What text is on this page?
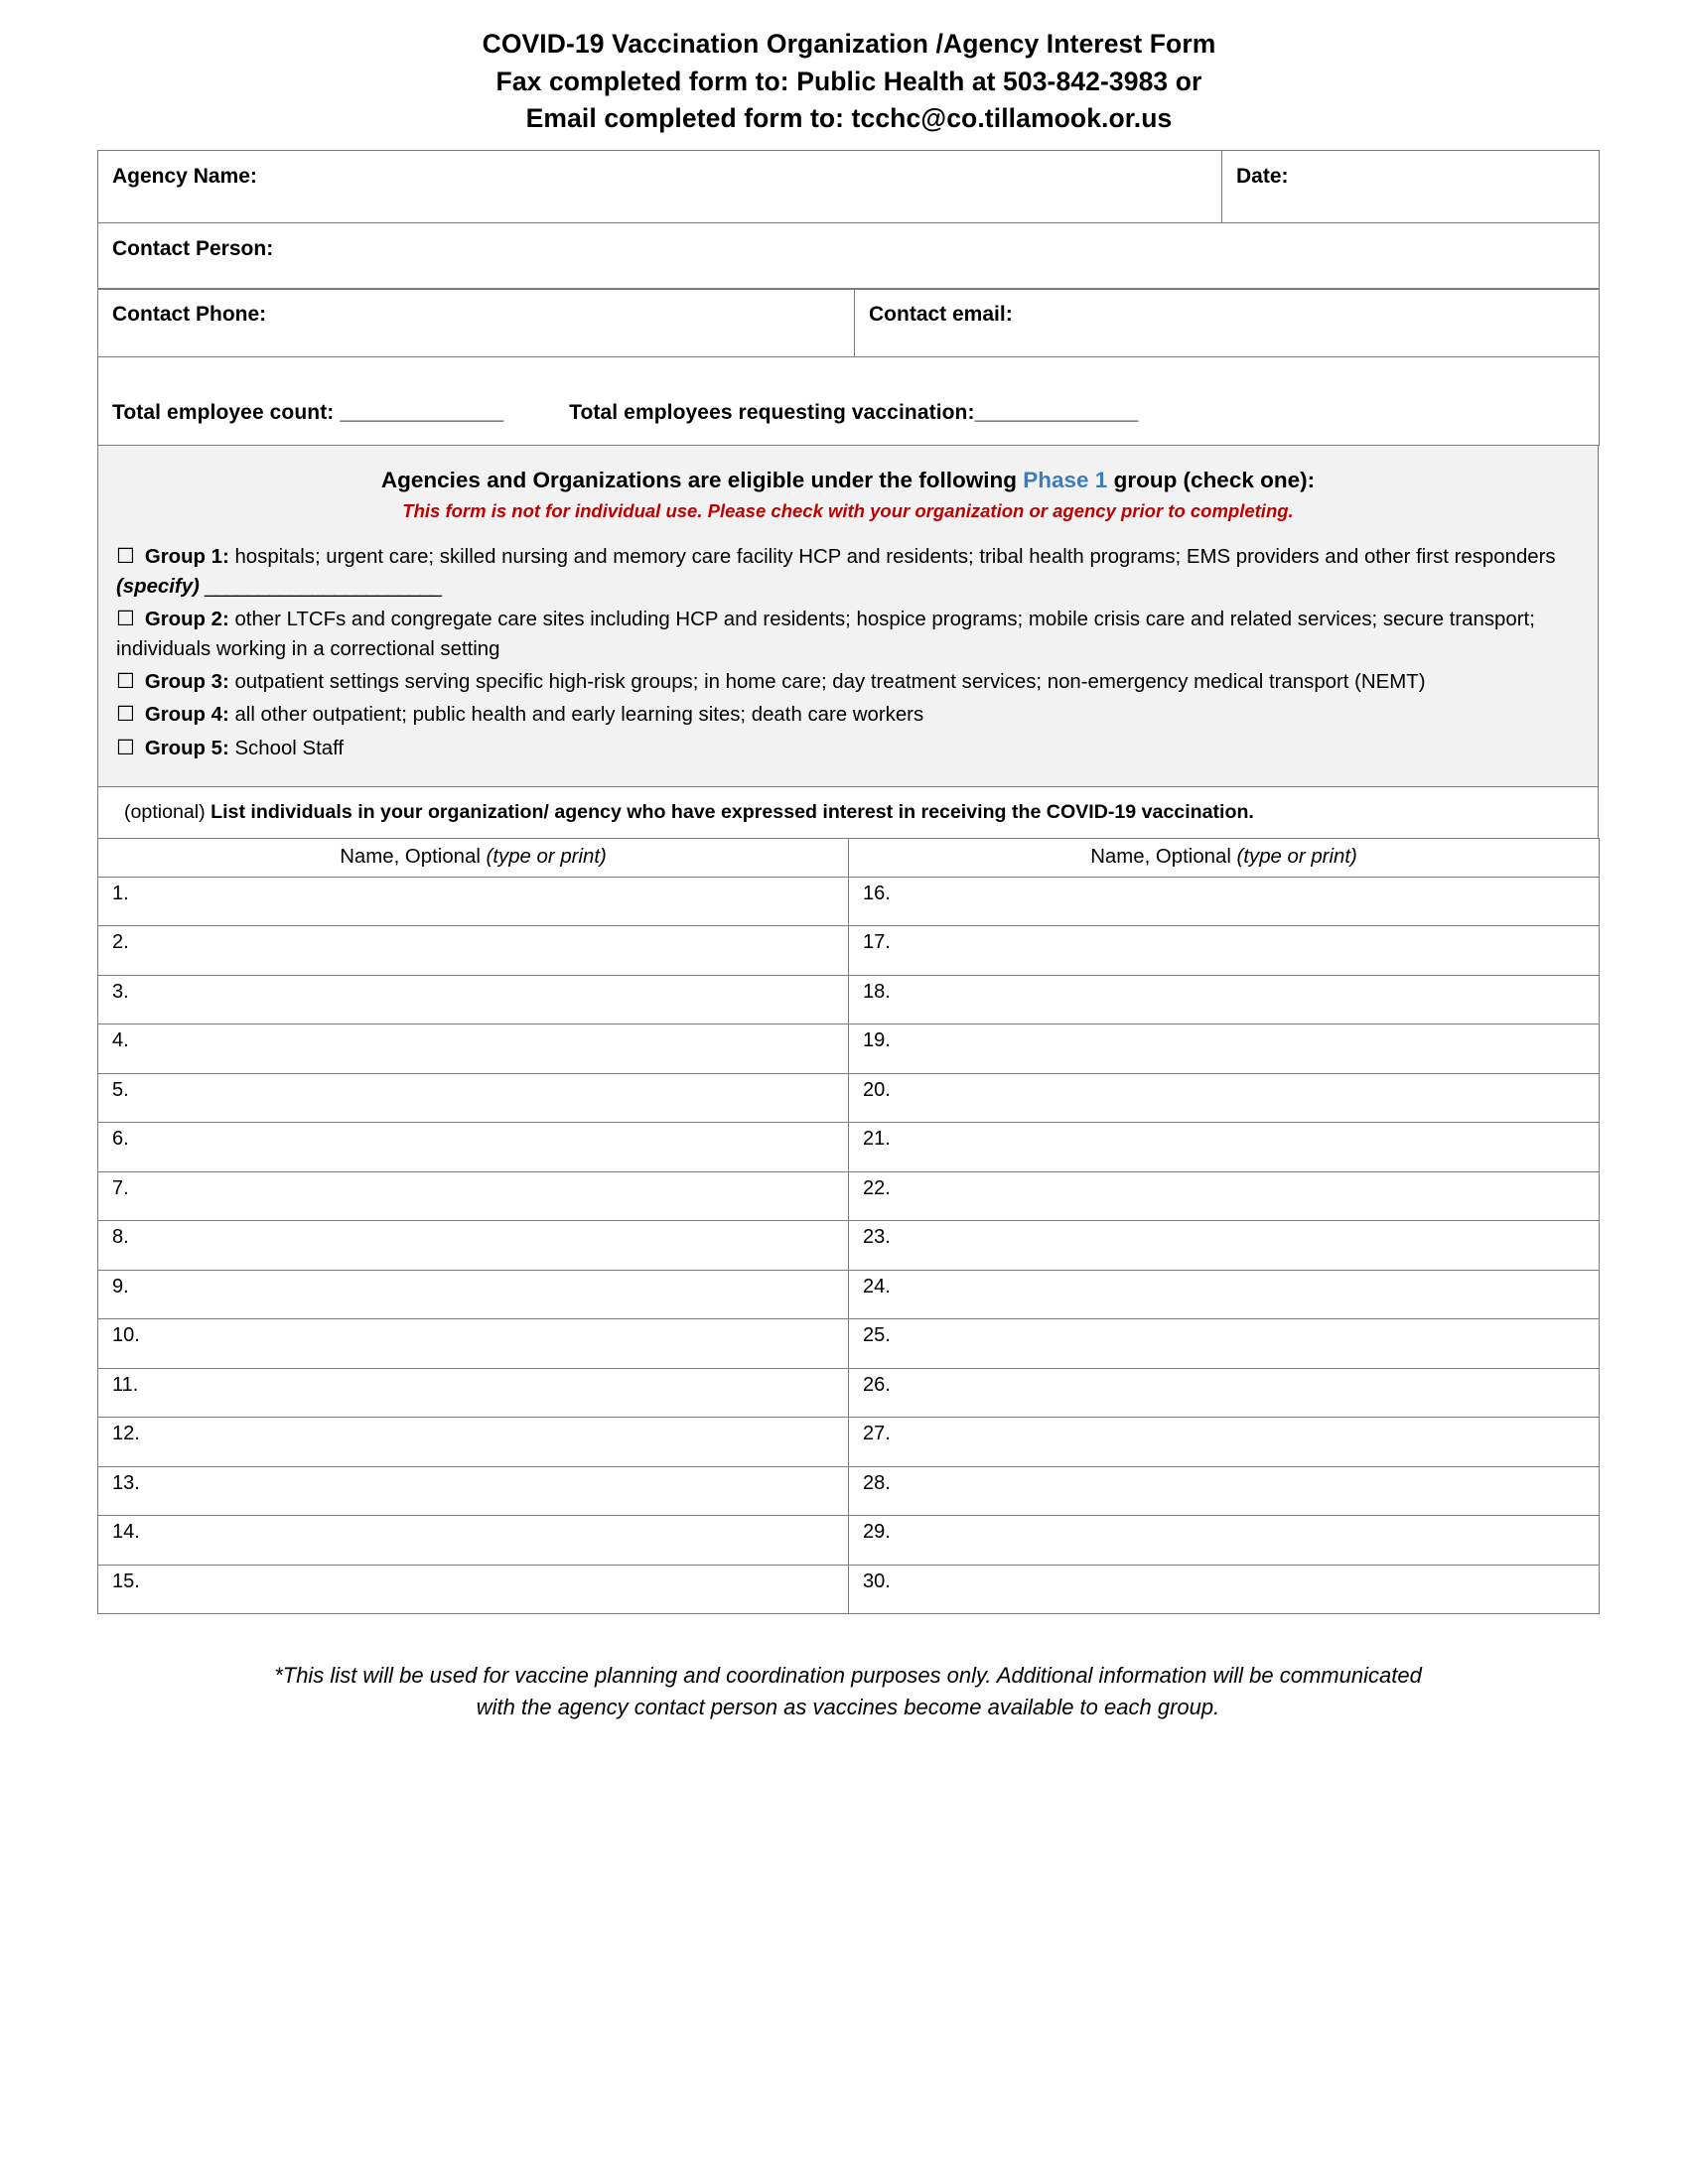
COVID-19 Vaccination Organization /Agency Interest Form
Fax completed form to: Public Health at 503-842-3983 or
Email completed form to: tcchc@co.tillamook.or.us
Agency Name:	Date:

Contact Person:
Contact Phone:	Contact email:

Total employee count: ______________	Total employees requesting vaccination:______________
Agencies and Organizations are eligible under the following Phase 1 group (check one):
This form is not for individual use. Please check with your organization or agency prior to completing.
☐ Group 1: hospitals; urgent care; skilled nursing and memory care facility HCP and residents; tribal health programs; EMS providers and other first responders (specify) ______________________
☐ Group 2: other LTCFs and congregate care sites including HCP and residents; hospice programs; mobile crisis care and related services; secure transport; individuals working in a correctional setting
☐ Group 3: outpatient settings serving specific high-risk groups; in home care; day treatment services; non-emergency medical transport (NEMT)
☐ Group 4: all other outpatient; public health and early learning sites; death care workers
☐ Group 5: School Staff
(optional) List individuals in your organization/ agency who have expressed interest in receiving the COVID-19 vaccination.
Name, Optional (type or print)	Name, Optional (type or print)
1.	16.
2.	17.
3.	18.
4.	19.
5.	20.
6.	21.
7.	22.
8.	23.
9.	24.
10.	25.
11.	26.
12.	27.
13.	28.
14.	29.
15.	30.
*This list will be used for vaccine planning and coordination purposes only. Additional information will be communicated
with the agency contact person as vaccines become available to each group.
